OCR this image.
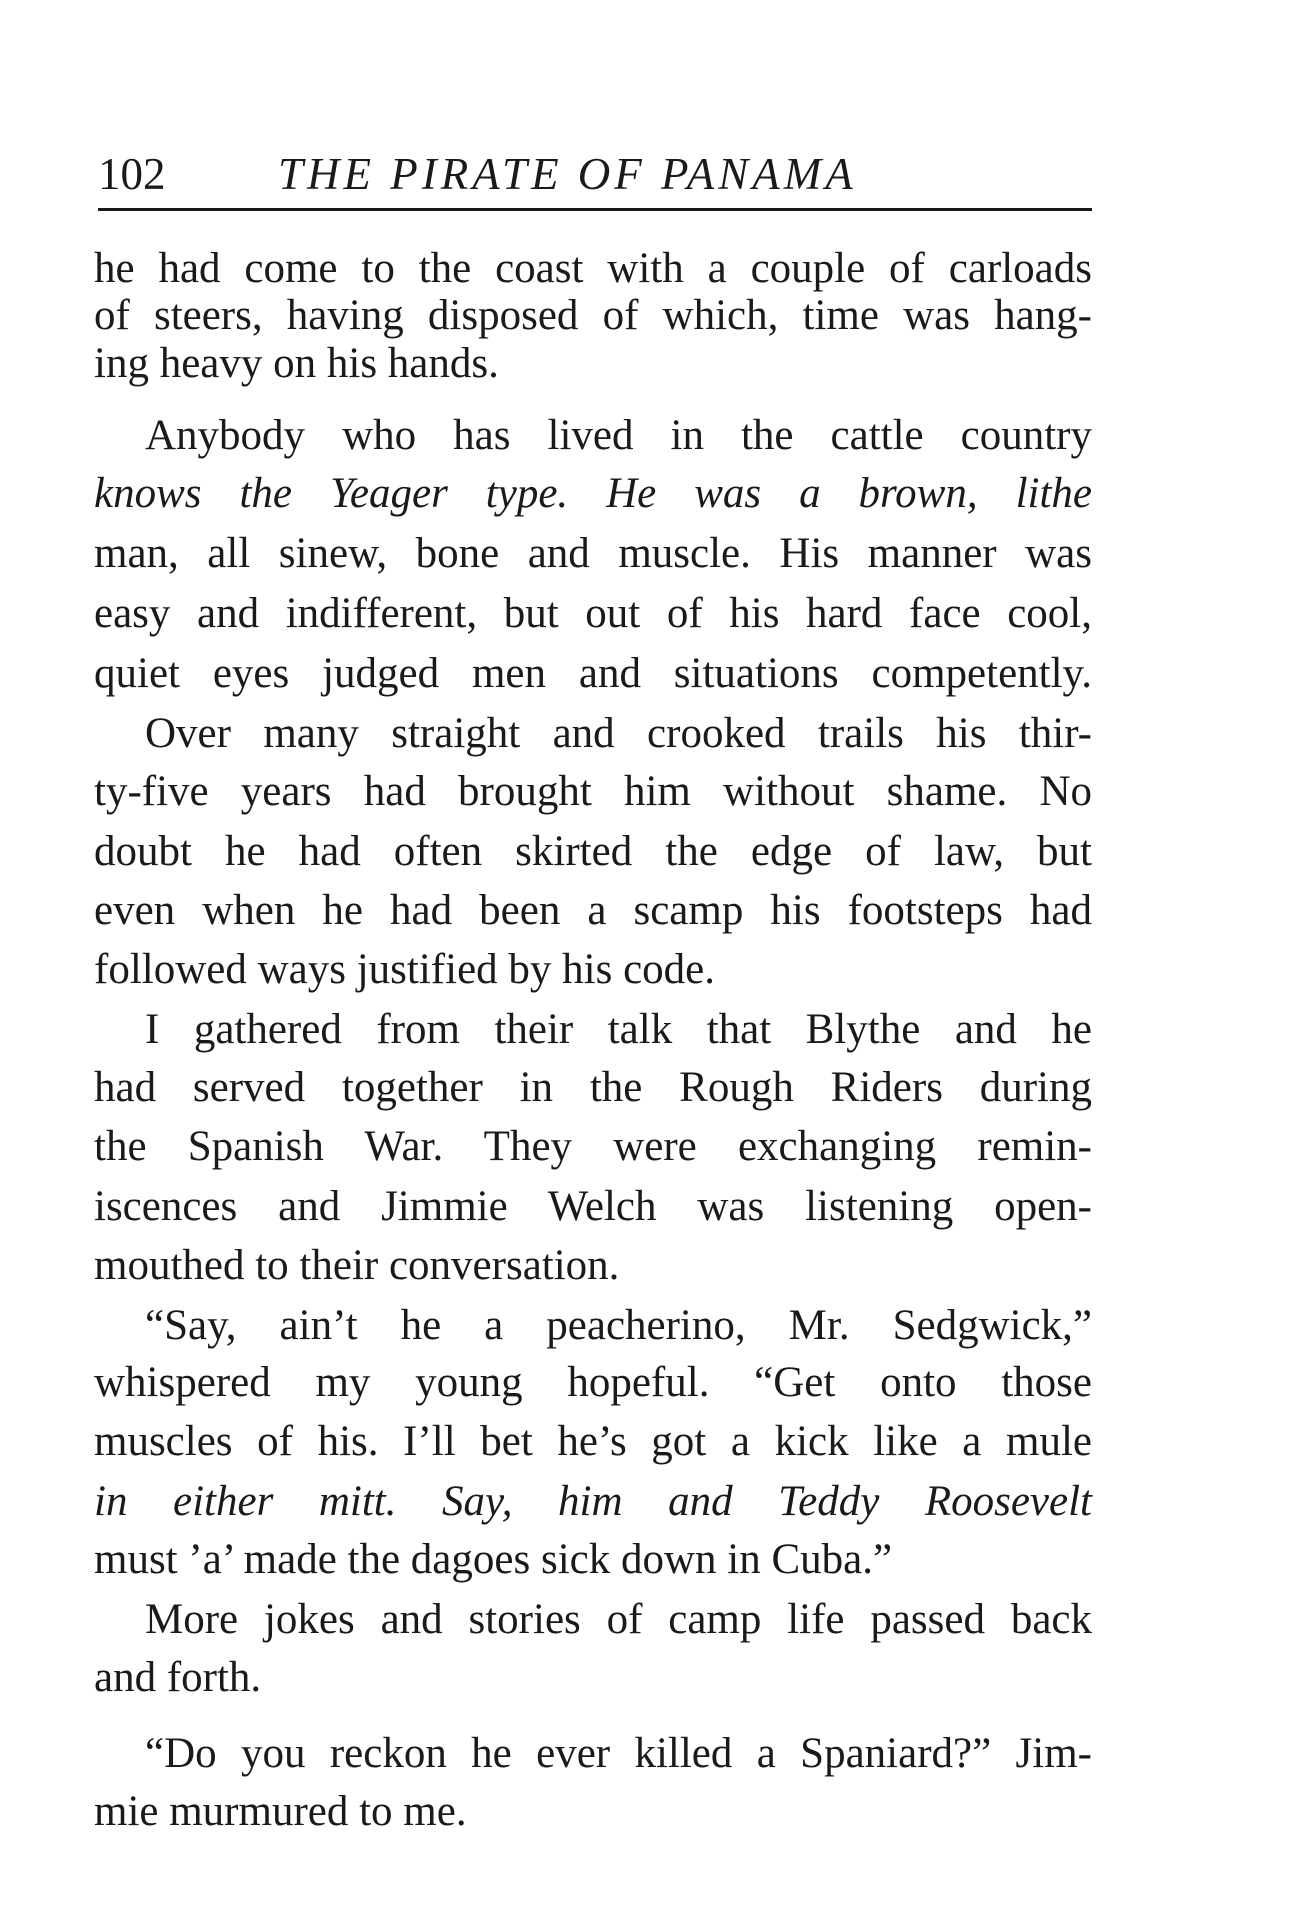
102	THE PIRATE OF PANAMA
he had come to the coast with a couple of carloads
of steers, having disposed of which, time was hang-
ing heavy on his hands.
Anybody who has lived in the cattle country
knows the Yeager type. He was a brown, lithe
man, all sinew, bone and muscle. His manner was
easy and indifferent, but out of his hard face cool,
quiet eyes judged men and situations competently.
Over many straight and crooked trails his thir-
ty-five years had brought him without shame. No
doubt he had often skirted the edge of law, but
even when he had been a scamp his footsteps had
followed ways justified by his code.
I gathered from their talk that Blythe and he
had served together in the Rough Riders during
the Spanish War. They were exchanging remin-
iscences and Jimmie Welch was listening open-
mouthed to their conversation.
“Say, ain’t he a peacherino, Mr. Sedgwick,”
whispered my young hopeful. “Get onto those
muscles of his. I’ll bet he’s got a kick like a mule
in either mitt. Say, him and Teddy Roosevelt
must ’a’ made the dagoes sick down in Cuba.”
More jokes and stories of camp life passed back
and forth.
“Do you reckon he ever killed a Spaniard?” Jim-
mie murmured to me.
